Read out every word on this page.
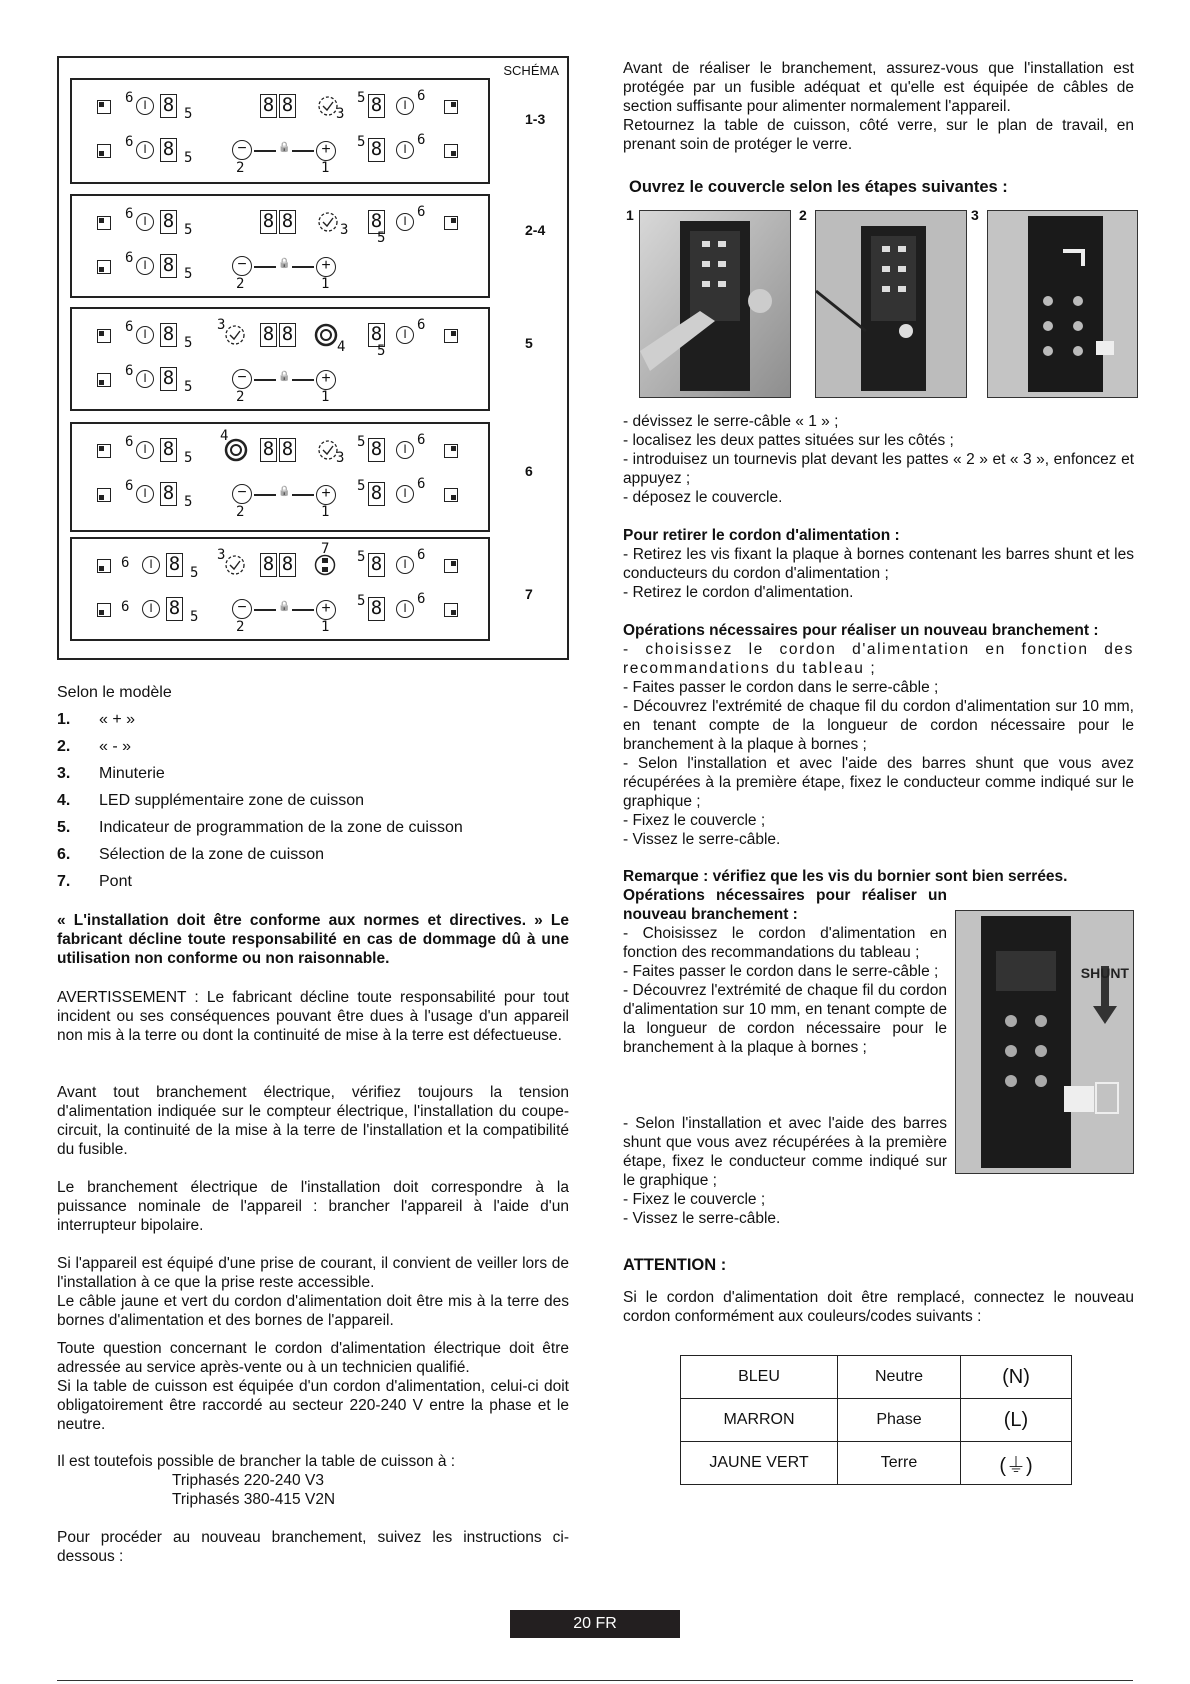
SCHÉMA
6 I 8 5
6 I 8 5
8 8	3
5 8	I
6
−	🔒	+
2	1
5 8	I
6
1-3
6 I 8 5
6 I 8 5
8 8	3 8
5
I
6
−	🔒	+
2	1
2-4
6 I 8 5
6 I 8 5
3 8 8
4
8
5
I
6
−	🔒	+
2	1
5
6 I 8 5
6 I 8 5
4
8 8	3
5 8	I
6
−	🔒	+
2	1
5 8	I
6
6
6	I 8 5
6	I 8 5
3 8 8
7 5 8	I
6
−	🔒	+
2	1
5 8	I
6	7
Selon le modèle
1. « + »
2. « - »
3. Minuterie
4. LED supplémentaire zone de cuisson
5. Indicateur de programmation de la zone de cuisson
6. Sélection de la zone de cuisson
7. Pont
« L'installation doit être conforme aux normes et directives. » Le fabricant décline toute responsabilité en cas de dommage dû à une utilisation non conforme ou non raisonnable.
AVERTISSEMENT : Le fabricant décline toute responsabilité pour tout incident ou ses conséquences pouvant être dues à l'usage d'un appareil non mis à la terre ou dont la continuité de mise à la terre est défectueuse.
Avant tout branchement électrique, vérifiez toujours la tension d'alimentation indiquée sur le compteur électrique, l'installation du coupe-circuit, la continuité de la mise à la terre de l'installation et la compatibilité du fusible.
Le branchement électrique de l'installation doit correspondre à la puissance nominale de l'appareil : brancher l'appareil à l'aide d'un interrupteur bipolaire.

Si l'appareil est équipé d'une prise de courant, il convient de veiller lors de l'installation à ce que la prise reste accessible.

Le câble jaune et vert du cordon d'alimentation doit être mis à la terre des bornes d'alimentation et des bornes de l'appareil.

Toute question concernant le cordon d'alimentation électrique doit être adressée au service après-vente ou à un technicien qualifié.

Si la table de cuisson est équipée d'un cordon d'alimentation, celui-ci doit obligatoirement être raccordé au secteur 220-240 V entre la phase et le neutre.

Il est toutefois possible de brancher la table de cuisson à :
Triphasés 220-240 V3
Triphasés 380-415 V2N
Pour procéder au nouveau branchement, suivez les instructions ci-dessous :

Avant de réaliser le branchement, assurez-vous que l'installation est protégée par un fusible adéquat et qu'elle est équipée de câbles de section suffisante pour alimenter normalement l'appareil.

Retournez la table de cuisson, côté verre, sur le plan de travail, en prenant soin de protéger le verre.

Ouvrez le couvercle selon les étapes suivantes :
1	2	3

- dévissez le serre-câble « 1 » ;

- localisez les deux pattes situées sur les côtés ;

- introduisez un tournevis plat devant les pattes « 2 » et « 3 », enfoncez et appuyez ;

- déposez le couvercle.

Pour retirer le cordon d'alimentation :

- Retirez les vis fixant la plaque à bornes contenant les barres shunt et les conducteurs du cordon d'alimentation ;

- Retirez le cordon d'alimentation.

Opérations nécessaires pour réaliser un nouveau branchement :

- choisissez le cordon d'alimentation en fonction des recommandations du tableau ;

- Faites passer le cordon dans le serre-câble ;

- Découvrez l'extrémité de chaque fil du cordon d'alimentation sur 10 mm, en tenant compte de la longueur de cordon nécessaire pour le branchement à la plaque à bornes ;

- Selon l'installation et avec l'aide des barres shunt que vous avez récupérées à la première étape, fixez le conducteur comme indiqué sur le graphique ;

- Fixez le couvercle ;

- Vissez le serre-câble.

Remarque : vérifiez que les vis du bornier sont bien serrées.

Opérations nécessaires pour réaliser un nouveau branchement :

- Choisissez le cordon d'alimentation en fonction des recommandations du tableau ;

- Faites passer le cordon dans le serre-câble ;

- Découvrez l'extrémité de chaque fil du cordon d'alimentation sur 10 mm, en tenant compte de la longueur de cordon nécessaire pour le branchement à la plaque à bornes ;

- Selon l'installation et avec l'aide des barres shunt que vous avez récupérées à la première étape, fixez le conducteur comme indiqué sur le graphique ;

- Fixez le couvercle ;

- Vissez le serre-câble.

SHUNT
ATTENTION :
Si le cordon d'alimentation doit être remplacé, connectez le nouveau cordon conformément aux couleurs/codes suivants :
BLEU	Neutre	(N)
MARRON	Phase	(L)
JAUNE VERT	Terre	(⏚)
20 FR
